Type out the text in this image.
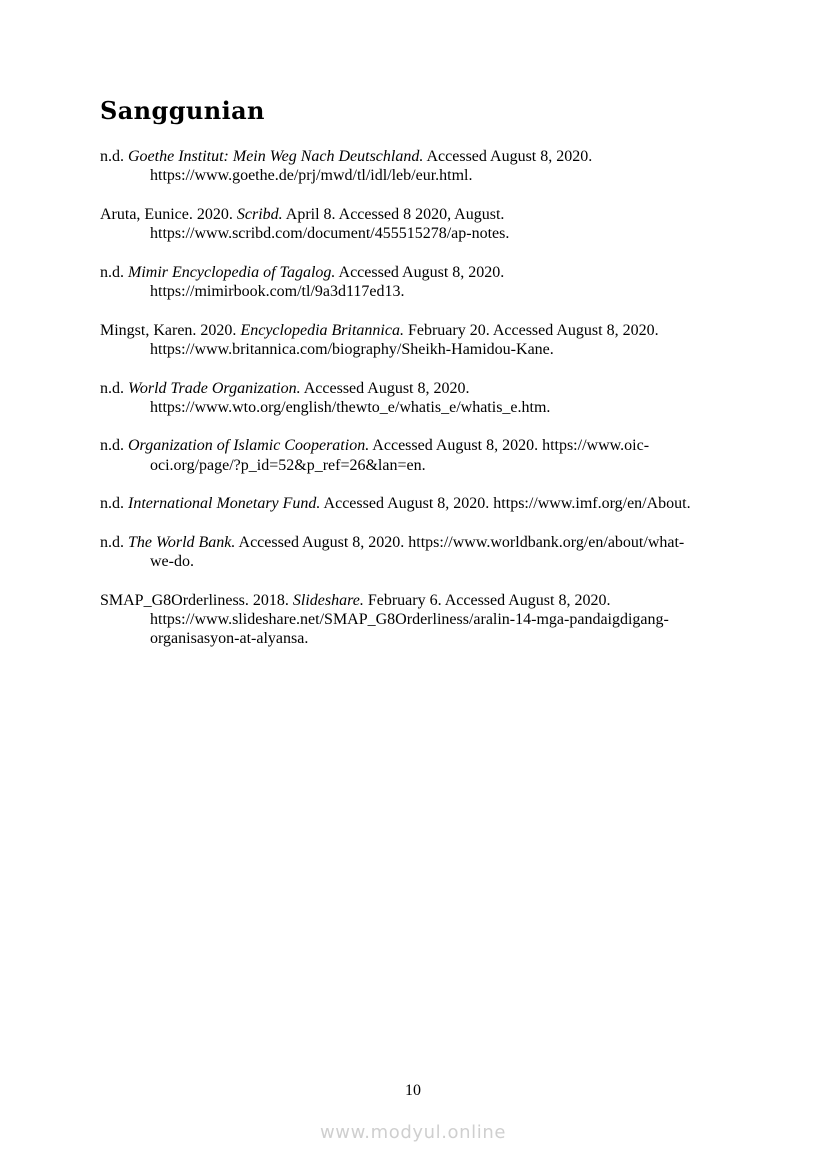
Sanggunian
n.d. Goethe Institut: Mein Weg Nach Deutschland. Accessed August 8, 2020.
https://www.goethe.de/prj/mwd/tl/idl/leb/eur.html.
Aruta, Eunice. 2020. Scribd. April 8. Accessed 8 2020, August.
https://www.scribd.com/document/455515278/ap-notes.
n.d. Mimir Encyclopedia of Tagalog. Accessed August 8, 2020.
https://mimirbook.com/tl/9a3d117ed13.
Mingst, Karen. 2020. Encyclopedia Britannica. February 20. Accessed August 8, 2020.
https://www.britannica.com/biography/Sheikh-Hamidou-Kane.
n.d. World Trade Organization. Accessed August 8, 2020.
https://www.wto.org/english/thewto_e/whatis_e/whatis_e.htm.
n.d. Organization of Islamic Cooperation. Accessed August 8, 2020. https://www.oic-
oci.org/page/?p_id=52&p_ref=26&lan=en.
n.d. International Monetary Fund. Accessed August 8, 2020. https://www.imf.org/en/About.
n.d. The World Bank. Accessed August 8, 2020. https://www.worldbank.org/en/about/what-
we-do.
SMAP_G8Orderliness. 2018. Slideshare. February 6. Accessed August 8, 2020.
https://www.slideshare.net/SMAP_G8Orderliness/aralin-14-mga-pandaigdigang-
organisasyon-at-alyansa.
10
www.modyul.online
